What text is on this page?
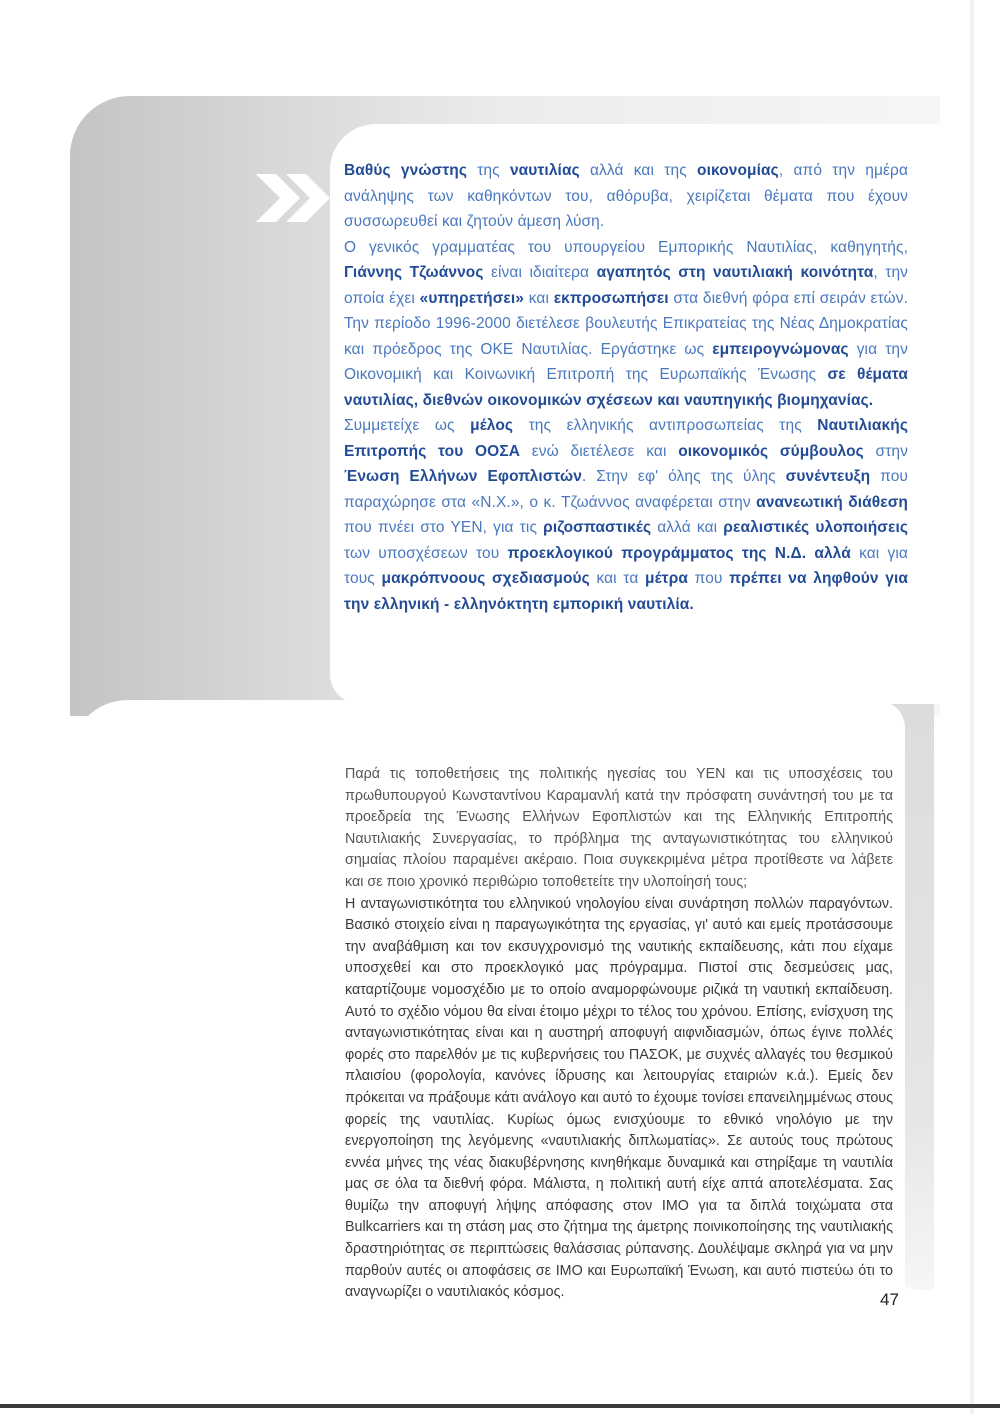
Βαθύς γνώστης της ναυτιλίας αλλά και της οικονομίας, από την ημέρα ανάληψης των καθηκόντων του, αθόρυβα, χειρίζεται θέματα που έχουν συσσωρευθεί και ζητούν άμεση λύση.

Ο γενικός γραμματέας του υπουργείου Εμπορικής Ναυτιλίας, καθηγητής, Γιάννης Τζωάννος είναι ιδιαίτερα αγαπητός στη ναυτιλιακή κοινότητα, την οποία έχει «υπηρετήσει» και εκπροσωπήσει στα διεθνή φόρα επί σειράν ετών. Την περίοδο 1996-2000 διετέλεσε βουλευτής Επικρατείας της Νέας Δημοκρατίας και πρόεδρος της ΟΚΕ Ναυτιλίας. Εργάστηκε ως εμπειρογνώμονας για την Οικονομική και Κοινωνική Επιτροπή της Ευρωπαϊκής Ένωσης σε θέματα ναυτιλίας, διεθνών οικονομικών σχέσεων και ναυπηγικής βιομηχανίας.

Συμμετείχε ως μέλος της ελληνικής αντιπροσωπείας της Ναυτιλιακής Επιτροπής του ΟΟΣΑ ενώ διετέλεσε και οικονομικός σύμβουλος στην Ένωση Ελλήνων Εφοπλιστών. Στην εφ' όλης της ύλης συνέντευξη που παραχώρησε στα «Ν.Χ.», ο κ. Τζωάννος αναφέρεται στην ανανεωτική διάθεση που πνέει στο ΥΕΝ, για τις ριζοσπαστικές αλλά και ρεαλιστικές υλοποιήσεις των υποσχέσεων του προεκλογικού προγράμματος της Ν.Δ. αλλά και για τους μακρόπνοους σχεδιασμούς και τα μέτρα που πρέπει να ληφθούν για την ελληνική - ελληνόκτητη εμπορική ναυτιλία.

Παρά τις τοποθετήσεις της πολιτικής ηγεσίας του ΥΕΝ και τις υποσχέσεις του πρωθυπουργού Κωνσταντίνου Καραμανλή κατά την πρόσφατη συνάντησή του με τα προεδρεία της Ένωσης Ελλήνων Εφοπλιστών και της Ελληνικής Επιτροπής Ναυτιλιακής Συνεργασίας, το πρόβλημα της ανταγωνιστικότητας του ελληνικού σημαίας πλοίου παραμένει ακέραιο. Ποια συγκεκριμένα μέτρα προτίθεστε να λάβετε και σε ποιο χρονικό περιθώριο τοποθετείτε την υλοποίησή τους;

Η ανταγωνιστικότητα του ελληνικού νηολογίου είναι συνάρτηση πολλών παραγόντων. Βασικό στοιχείο είναι η παραγωγικότητα της εργασίας, γι' αυτό και εμείς προτάσσουμε την αναβάθμιση και τον εκσυγχρονισμό της ναυτικής εκπαίδευσης, κάτι που είχαμε υποσχεθεί και στο προεκλογικό μας πρόγραμμα. Πιστοί στις δεσμεύσεις μας, καταρτίζουμε νομοσχέδιο με το οποίο αναμορφώνουμε ριζικά τη ναυτική εκπαίδευση. Αυτό το σχέδιο νόμου θα είναι έτοιμο μέχρι το τέλος του χρόνου. Επίσης, ενίσχυση της ανταγωνιστικότητας είναι και η αυστηρή αποφυγή αιφνιδιασμών, όπως έγινε πολλές φορές στο παρελθόν με τις κυβερνήσεις του ΠΑΣΟΚ, με συχνές αλλαγές του θεσμικού πλαισίου (φορολογία, κανόνες ίδρυσης και λειτουργίας εταιριών κ.ά.). Εμείς δεν πρόκειται να πράξουμε κάτι ανάλογο και αυτό το έχουμε τονίσει επανειλημμένως στους φορείς της ναυτιλίας. Κυρίως όμως ενισχύουμε το εθνικό νηολόγιο με την ενεργοποίηση της λεγόμενης «ναυτιλιακής διπλωματίας». Σε αυτούς τους πρώτους εννέα μήνες της νέας διακυβέρνησης κινηθήκαμε δυναμικά και στηρίξαμε τη ναυτιλία μας σε όλα τα διεθνή φόρα. Μάλιστα, η πολιτική αυτή είχε απτά αποτελέσματα. Σας θυμίζω την αποφυγή λήψης απόφασης στον ΙΜΟ για τα διπλά τοιχώματα στα Bulkcarriers και τη στάση μας στο ζήτημα της άμετρης ποινικοποίησης της ναυτιλιακής δραστηριότητας σε περιπτώσεις θαλάσσιας ρύπανσης. Δουλέψαμε σκληρά για να μην παρθούν αυτές οι αποφάσεις σε ΙΜΟ και Ευρωπαϊκή Ένωση, και αυτό πιστεύω ότι το αναγνωρίζει ο ναυτιλιακός κόσμος.	47
